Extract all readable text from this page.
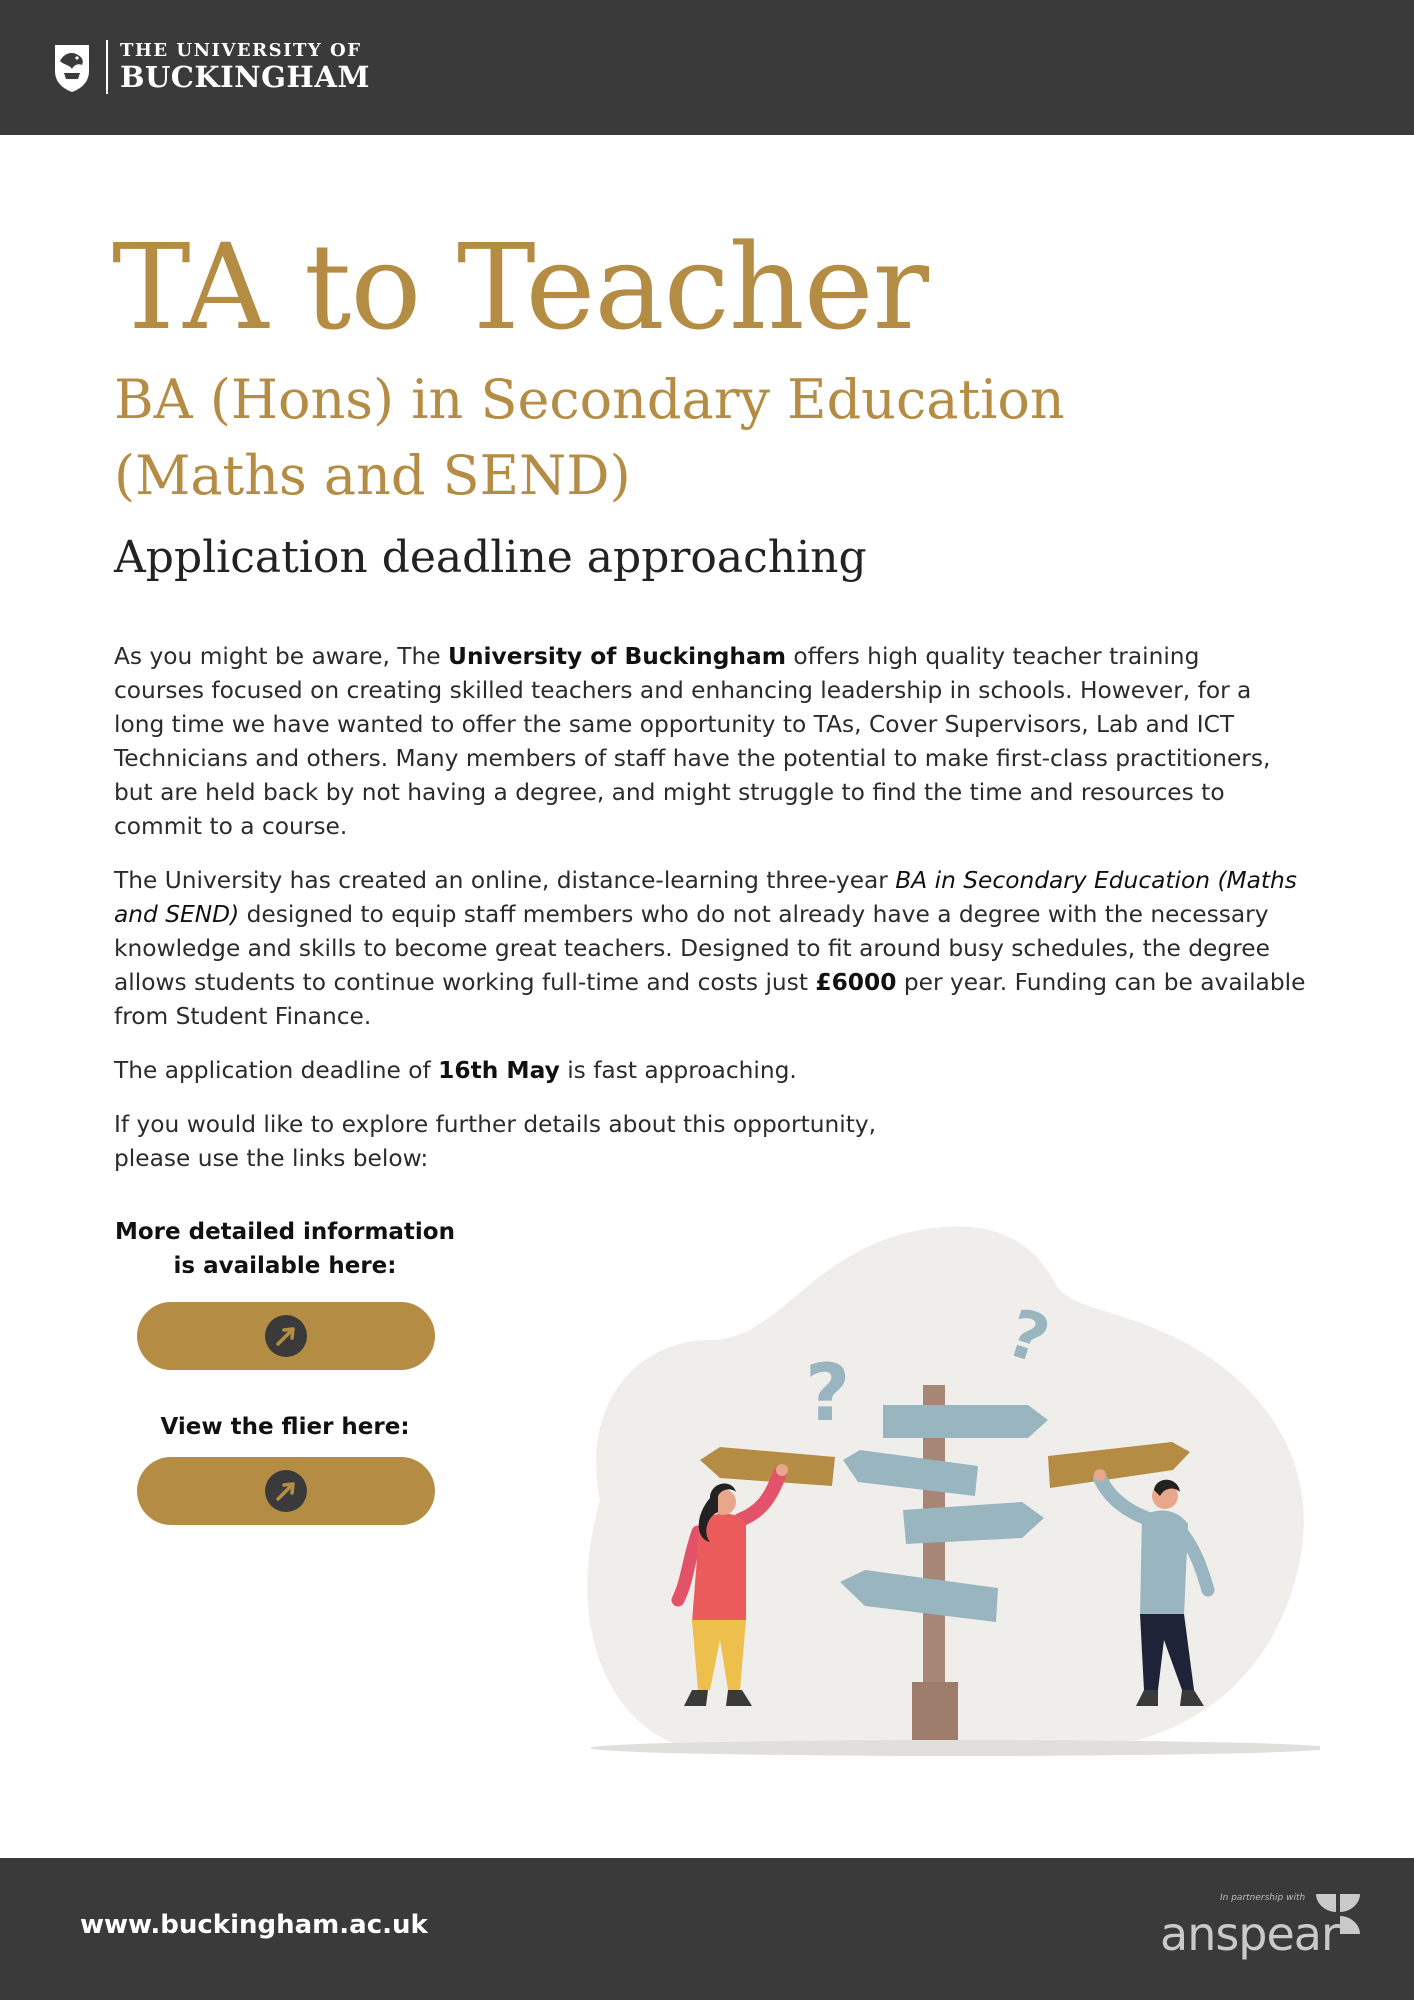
THE UNIVERSITY OF
BUCKINGHAM
TA to Teacher
BA (Hons) in Secondary Education (Maths and SEND)
Application deadline approaching

As you might be aware, The University of Buckingham offers high quality teacher training courses focused on creating skilled teachers and enhancing leadership in schools. However, for a long time we have wanted to offer the same opportunity to TAs, Cover Supervisors, Lab and ICT Technicians and others. Many members of staff have the potential to make first-class practitioners, but are held back by not having a degree, and might struggle to find the time and resources to commit to a course.

The University has created an online, distance-learning three-year BA in Secondary Education (Maths and SEND) designed to equip staff members who do not already have a degree with the necessary knowledge and skills to become great teachers. Designed to fit around busy schedules, the degree allows students to continue working full-time and costs just £6000 per year. Funding can be available from Student Finance.

The application deadline of 16th May is fast approaching.

If you would like to explore further details about this opportunity,
please use the links below:

More detailed information
is available here:
View the flier here:	?
?
www.buckingham.ac.uk
In partnership with
anspear
